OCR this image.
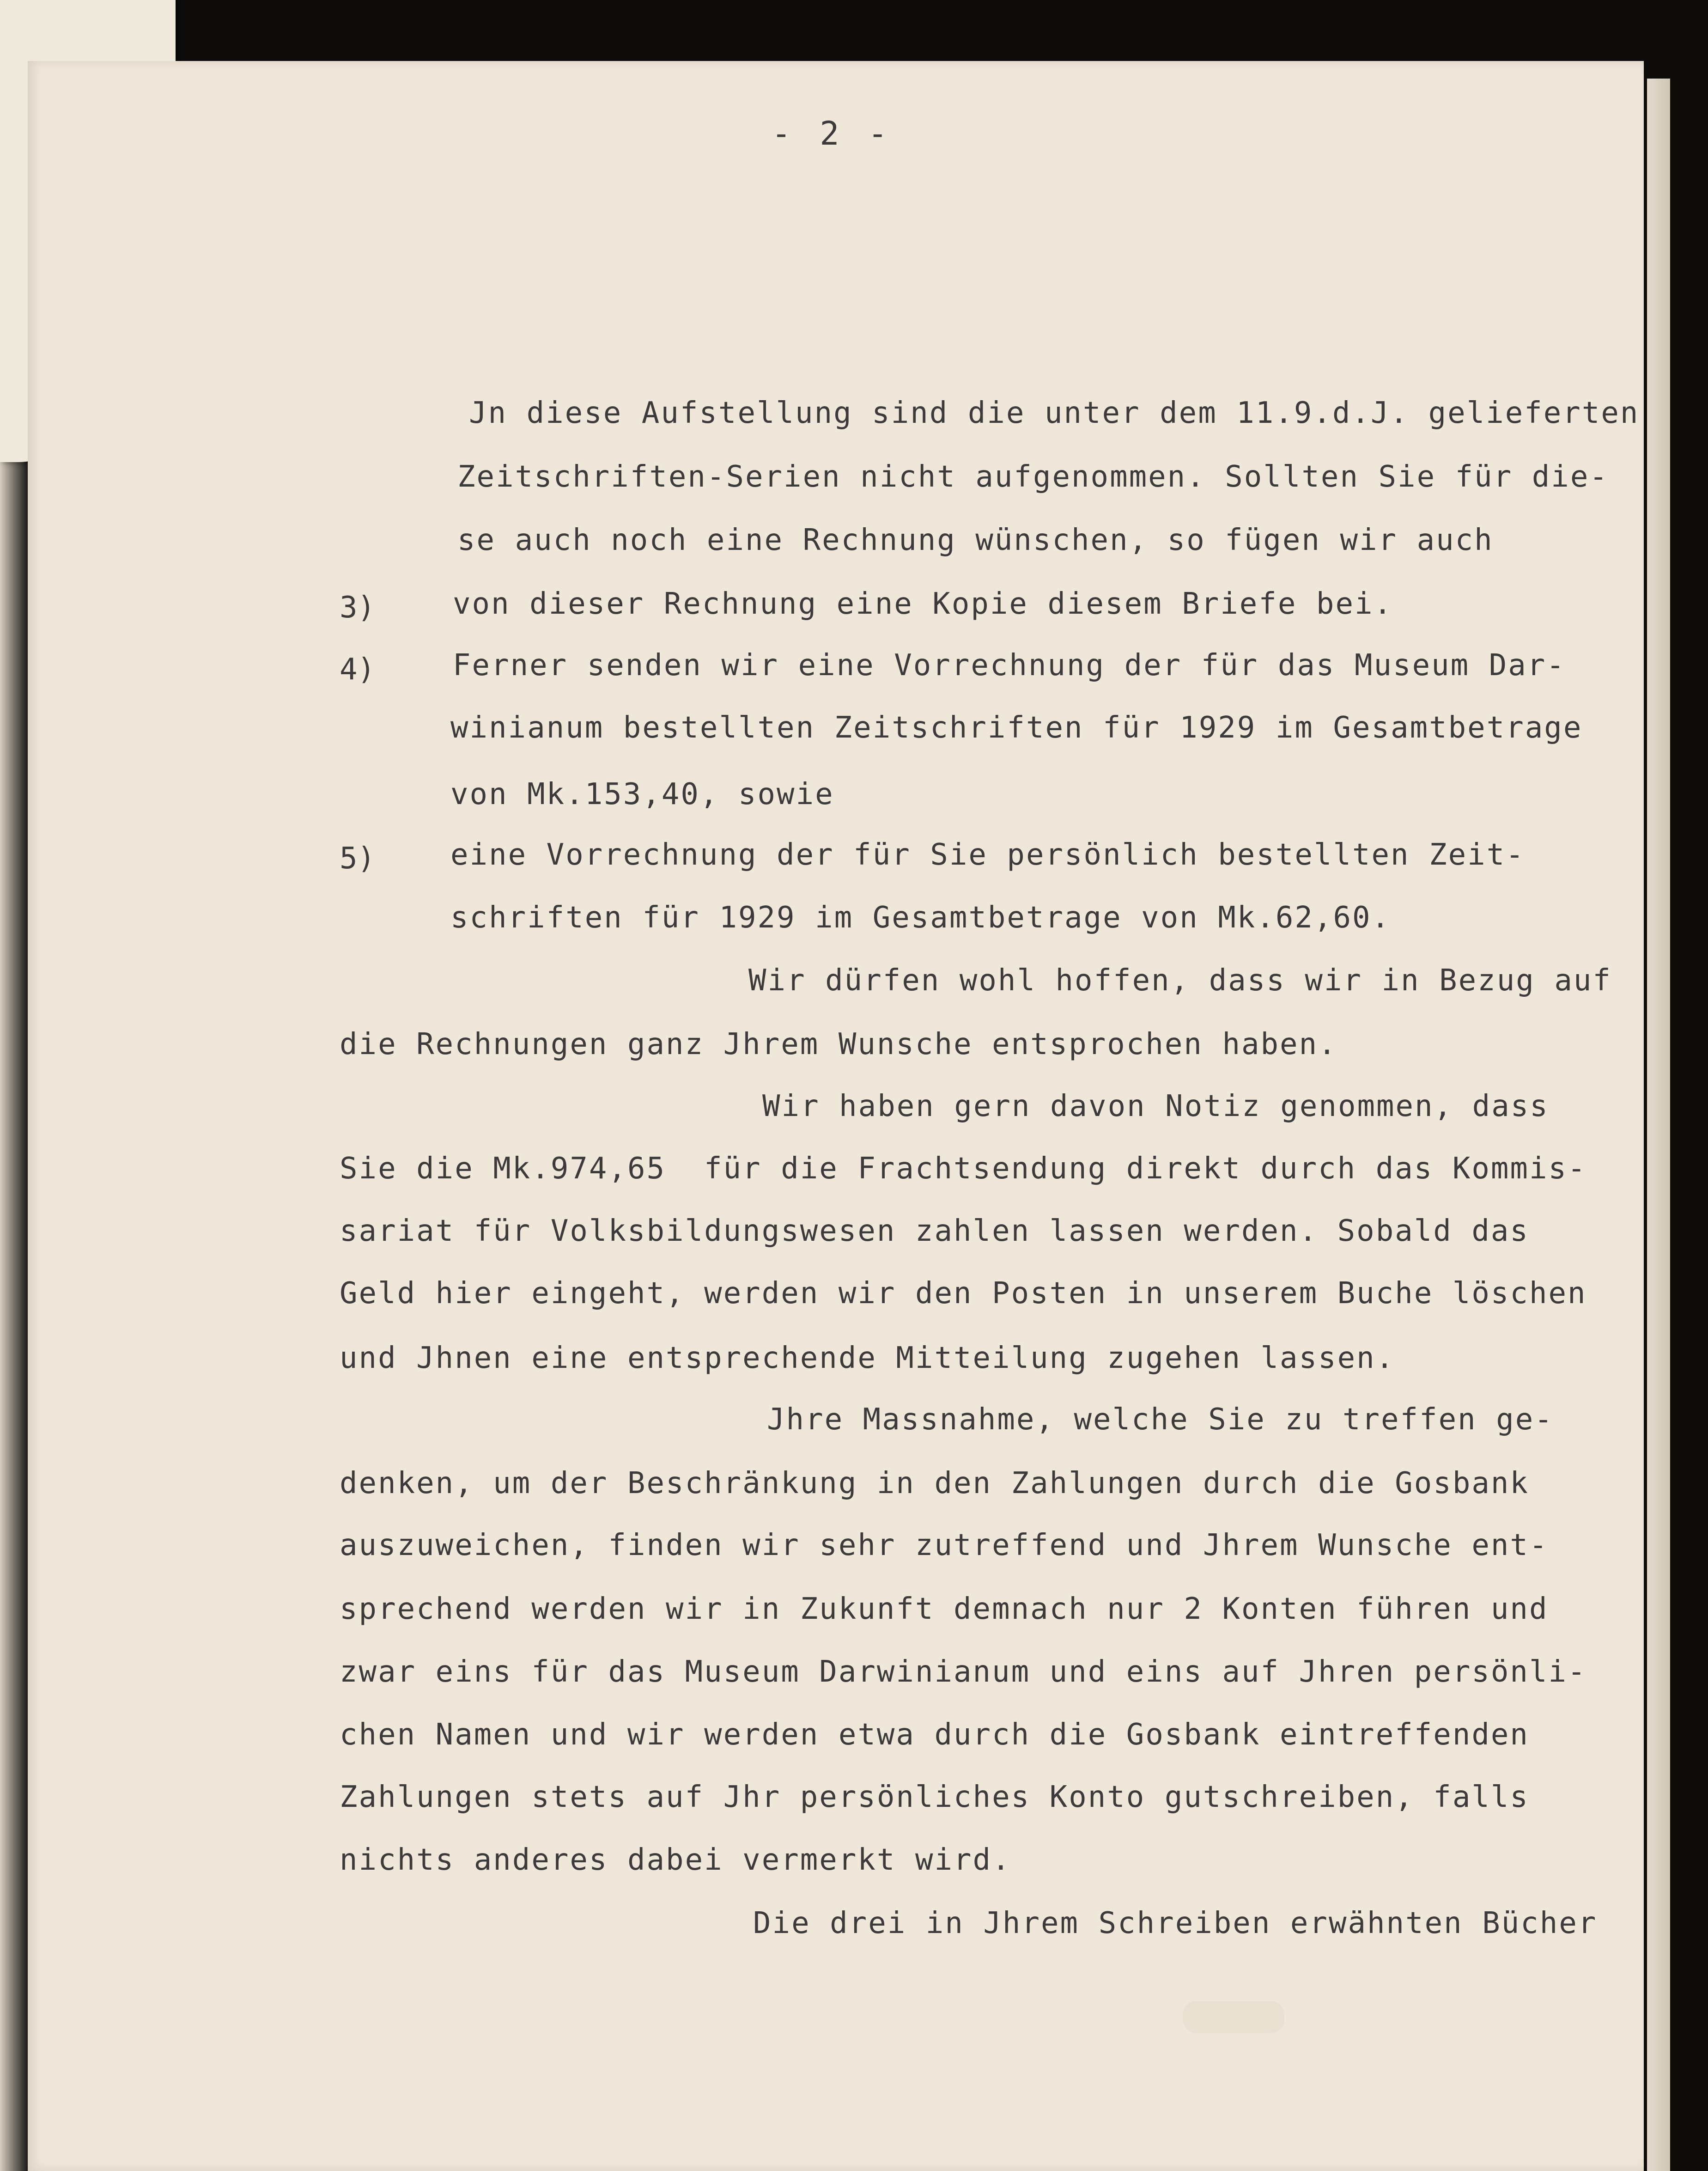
- 2 -
3)
4)
5)

Jn diese Aufstellung sind die unter dem 11.9.d.J. gelieferten

Zeitschriften-Serien nicht aufgenommen. Sollten Sie für die-

se auch noch eine Rechnung wünschen, so fügen wir auch

von dieser Rechnung eine Kopie diesem Briefe bei.

Ferner senden wir eine Vorrechnung der für das Museum Dar-

winianum bestellten Zeitschriften für 1929 im Gesamtbetrage

von Mk.153,40, sowie

eine Vorrechnung der für Sie persönlich bestellten Zeit-

schriften für 1929 im Gesamtbetrage von Mk.62,60.

Wir dürfen wohl hoffen, dass wir in Bezug auf

die Rechnungen ganz Jhrem Wunsche entsprochen haben.

Wir haben gern davon Notiz genommen, dass

Sie die Mk.974,65  für die Frachtsendung direkt durch das Kommis-

sariat für Volksbildungswesen zahlen lassen werden. Sobald das

Geld hier eingeht, werden wir den Posten in unserem Buche löschen

und Jhnen eine entsprechende Mitteilung zugehen lassen.

Jhre Massnahme, welche Sie zu treffen ge-

denken, um der Beschränkung in den Zahlungen durch die Gosbank

auszuweichen, finden wir sehr zutreffend und Jhrem Wunsche ent-

sprechend werden wir in Zukunft demnach nur 2 Konten führen und

zwar eins für das Museum Darwinianum und eins auf Jhren persönli-

chen Namen und wir werden etwa durch die Gosbank eintreffenden

Zahlungen stets auf Jhr persönliches Konto gutschreiben, falls

nichts anderes dabei vermerkt wird.

Die drei in Jhrem Schreiben erwähnten Bücher
